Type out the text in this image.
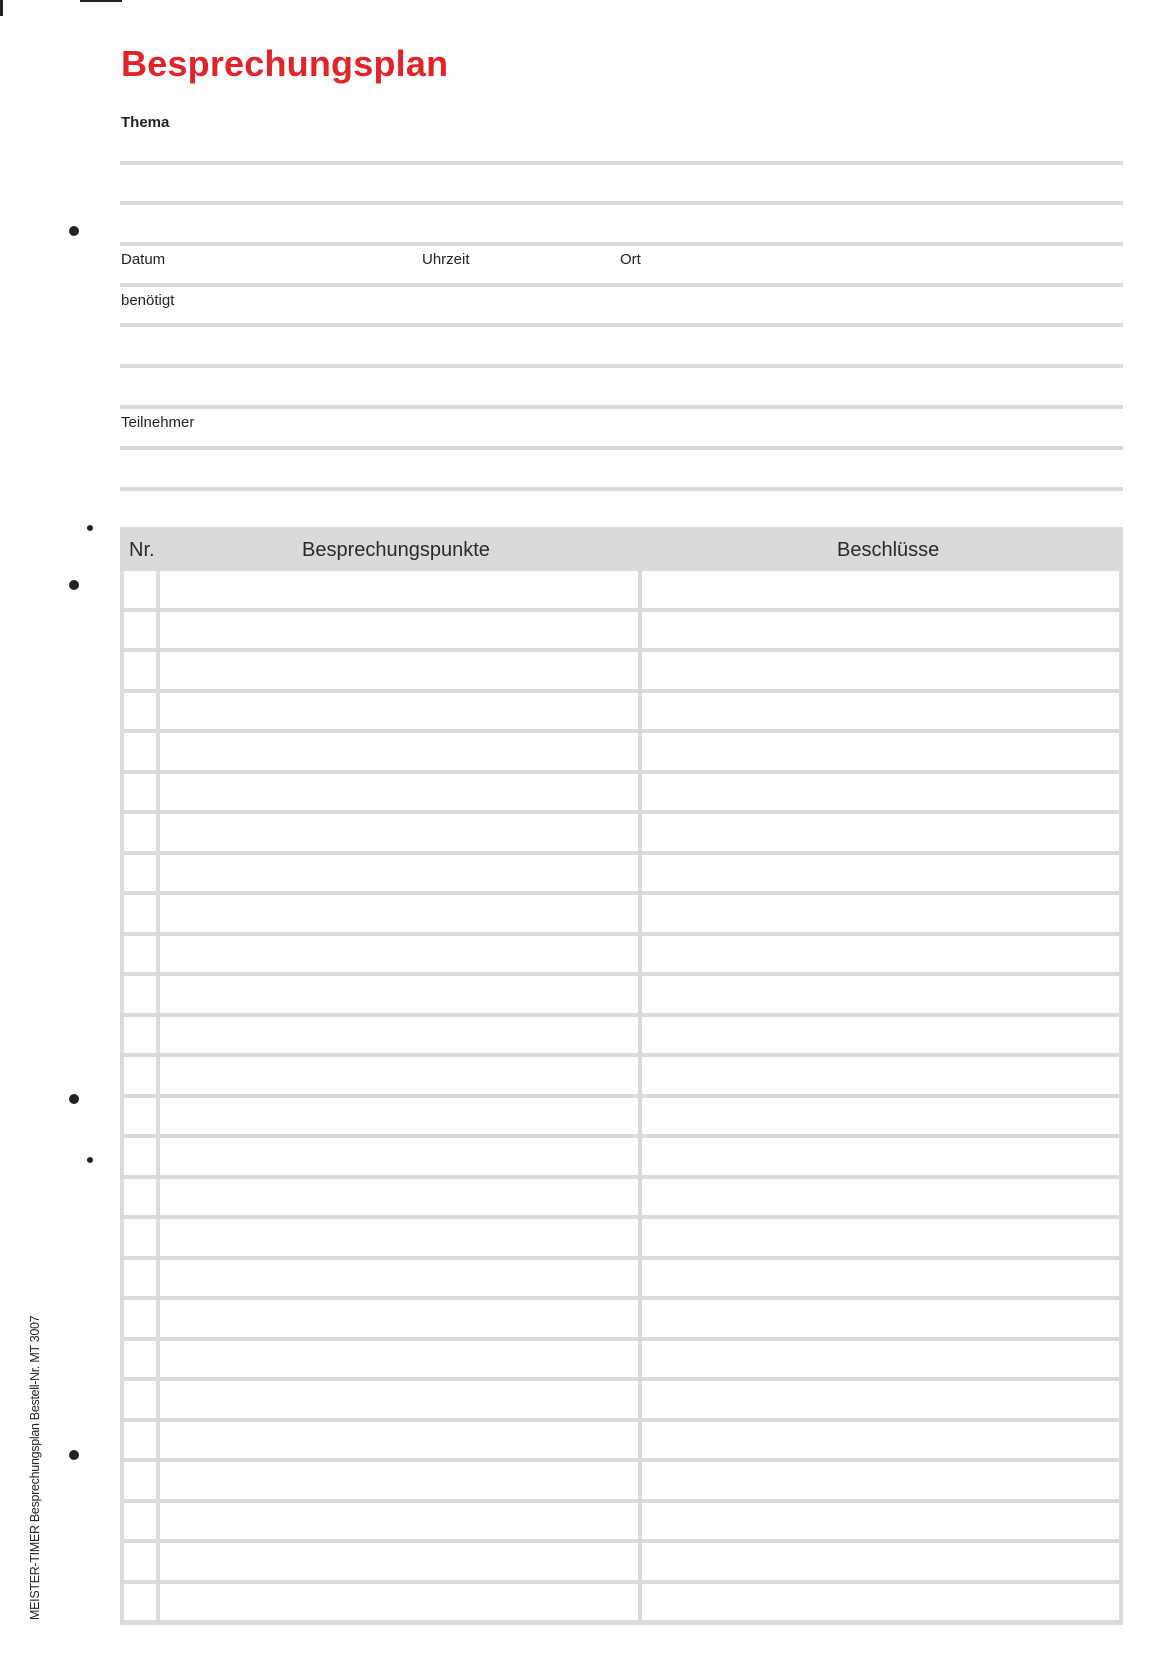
Besprechungsplan
Thema
Datum	Uhrzeit	Ort
benötigt
Teilnehmer
Nr.	Besprechungspunkte	Beschlüsse
MEISTER-TIMER Besprechungsplan Bestell-Nr. MT 3007
